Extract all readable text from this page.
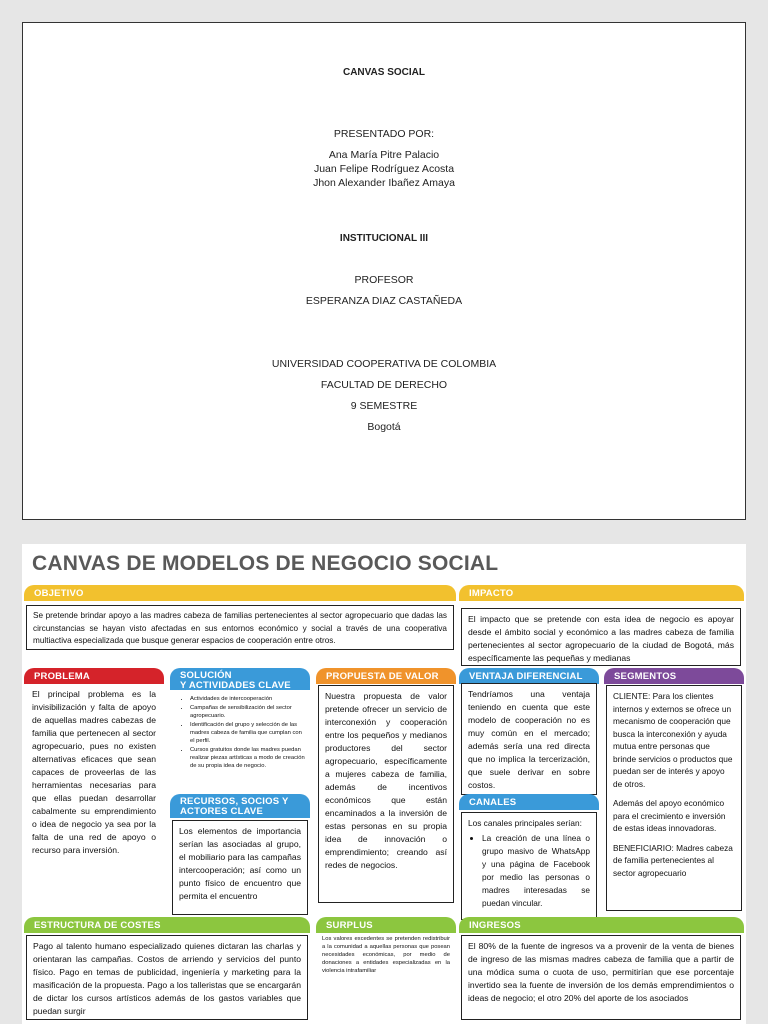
CANVAS SOCIAL
PRESENTADO POR:
Ana María Pitre Palacio
Juan Felipe Rodríguez Acosta
Jhon Alexander Ibañez Amaya
INSTITUCIONAL III
PROFESOR
ESPERANZA DIAZ CASTAÑEDA
UNIVERSIDAD COOPERATIVA DE COLOMBIA
FACULTAD DE DERECHO
9 SEMESTRE
Bogotá
CANVAS DE MODELOS DE NEGOCIO SOCIAL
OBJETIVO
Se pretende brindar apoyo a las madres cabeza de familias pertenecientes al sector agropecuario que dadas las circunstancias se hayan visto afectadas en sus entornos económico y social a través de una cooperativa multiactiva especializada que busque generar espacios de cooperación entre otros.
IMPACTO
El impacto que se pretende con esta idea de negocio es apoyar desde el ámbito social y económico a las madres cabeza de familia pertenecientes al sector agropecuario de la ciudad de Bogotá, más específicamente las pequeñas y medianas
PROBLEMA
El principal problema es la invisibilización y falta de apoyo de aquellas madres cabezas de familia que pertenecen al sector agropecuario, pues no existen alternativas eficaces que sean capaces de proveerlas de las herramientas necesarias para que ellas puedan desarrollar cabalmente su emprendimiento o idea de negocio ya sea por la falta de una red de apoyo o recurso para inversión.
SOLUCIÓN
Y ACTIVIDADES CLAVE
• Actividades de intercooperación
• Campañas de sensibilización del sector agropecuario.
• Identificación del grupo y selección de las madres cabeza de familia que cumplan con el perfil.
• Cursos gratuitos donde las madres puedan realizar piezas artísticas a modo de creación de su propia idea de negocio.
RECURSOS, SOCIOS Y
ACTORES CLAVE
Los elementos de importancia serían las asociadas al grupo, el mobiliario para las campañas intercooperación; así como un punto físico de encuentro que permita el encuentro
PROPUESTA DE VALOR
Nuestra propuesta de valor pretende ofrecer un servicio de interconexión y cooperación entre los pequeños y medianos productores del sector agropecuario, específicamente a mujeres cabeza de familia, además de incentivos económicos que están encaminados a la inversión de estas personas en su propia idea de innovación o emprendimiento; creando así redes de negocios.
VENTAJA DIFERENCIAL
Tendríamos una ventaja teniendo en cuenta que este modelo de cooperación no es muy común en el mercado; además sería una red directa que no implica la tercerización, que suele derivar en sobre costos.
CANALES
Los canales principales serían:
• La creación de una línea o grupo masivo de WhatsApp y una página de Facebook por medio las personas o madres interesadas se puedan vincular.
SEGMENTOS

CLIENTE: Para los clientes internos y externos se ofrece un mecanismo de cooperación que busca la interconexión y ayuda mutua entre personas que brinde servicios o productos que puedan ser de interés y apoyo de otros.

Además del apoyo económico para el crecimiento e inversión de estas ideas innovadoras.

BENEFICIARIO: Madres cabeza de familia pertenecientes al sector agropecuario

ESTRUCTURA DE COSTES
Pago al talento humano especializado quienes dictaran las charlas y orientaran las campañas. Costos de arriendo y servicios del punto físico. Pago en temas de publicidad, ingeniería y marketing para la masificación de la propuesta. Pago a los talleristas que se encargarán de dictar los cursos artísticos además de los gastos variables que puedan surgir
SURPLUS
Los valores excedentes se pretenden redistribuir a la comunidad a aquellas personas que posean necesidades económicas, por medio de donaciones a entidades especializadas en la violencia intrafamiliar
INGRESOS
El 80% de la fuente de ingresos va a provenir de la venta de bienes de ingreso de las mismas madres cabeza de familia que a partir de una módica suma o cuota de uso, permitirían que ese porcentaje invertido sea la fuente de inversión de los demás emprendimientos o ideas de negocio; el otro 20% del aporte de los asociados
